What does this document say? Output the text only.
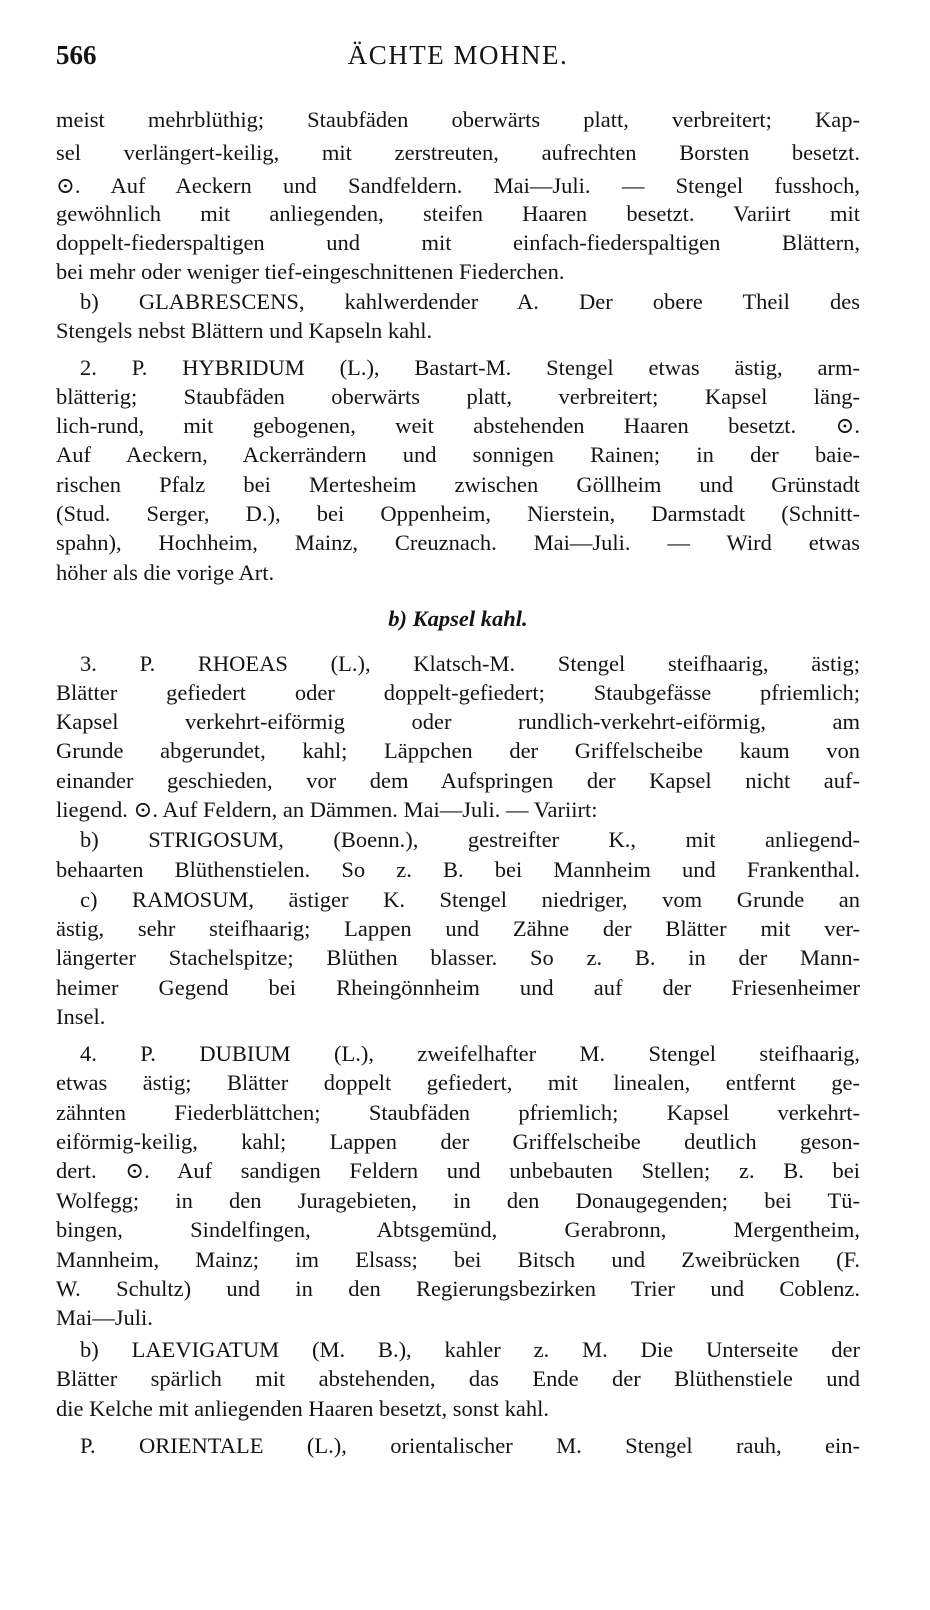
566	ÄCHTE MOHNE.
meist mehrblüthig; Staubfäden oberwärts platt, verbreitert; Kap-
sel verlängert-keilig, mit zerstreuten, aufrechten Borsten besetzt.
⊙. Auf Aeckern und Sandfeldern. Mai—Juli. — Stengel fusshoch,
gewöhnlich mit anliegenden, steifen Haaren besetzt. Variirt mit
doppelt-fiederspaltigen und mit einfach-fiederspaltigen Blättern,
bei mehr oder weniger tief-eingeschnittenen Fiederchen.
b) GLABRESCENS, kahlwerdender A. Der obere Theil des
Stengels nebst Blättern und Kapseln kahl.
2. P. HYBRIDUM (L.), Bastart-M. Stengel etwas ästig, arm-
blätterig; Staubfäden oberwärts platt, verbreitert; Kapsel läng-
lich-rund, mit gebogenen, weit abstehenden Haaren besetzt. ⊙.
Auf Aeckern, Ackerrändern und sonnigen Rainen; in der baie-
rischen Pfalz bei Mertesheim zwischen Göllheim und Grünstadt
(Stud. Serger, D.), bei Oppenheim, Nierstein, Darmstadt (Schnitt-
spahn), Hochheim, Mainz, Creuznach. Mai—Juli. — Wird etwas
höher als die vorige Art.
b) Kapsel kahl.
3. P. RHOEAS (L.), Klatsch-M. Stengel steifhaarig, ästig;
Blätter gefiedert oder doppelt-gefiedert; Staubgefässe pfriemlich;
Kapsel verkehrt-eiförmig oder rundlich-verkehrt-eiförmig, am
Grunde abgerundet, kahl; Läppchen der Griffelscheibe kaum von
einander geschieden, vor dem Aufspringen der Kapsel nicht auf-
liegend. ⊙. Auf Feldern, an Dämmen. Mai—Juli. — Variirt:
b) STRIGOSUM, (Boenn.), gestreifter K., mit anliegend-
behaarten Blüthenstielen. So z. B. bei Mannheim und Frankenthal.
c) RAMOSUM, ästiger K. Stengel niedriger, vom Grunde an
ästig, sehr steifhaarig; Lappen und Zähne der Blätter mit ver-
längerter Stachelspitze; Blüthen blasser. So z. B. in der Mann-
heimer Gegend bei Rheingönnheim und auf der Friesenheimer
Insel.
4. P. DUBIUM (L.), zweifelhafter M. Stengel steifhaarig,
etwas ästig; Blätter doppelt gefiedert, mit linealen, entfernt ge-
zähnten Fiederblättchen; Staubfäden pfriemlich; Kapsel verkehrt-
eiförmig-keilig, kahl; Lappen der Griffelscheibe deutlich geson-
dert. ⊙. Auf sandigen Feldern und unbebauten Stellen; z. B. bei
Wolfegg; in den Juragebieten, in den Donaugegenden; bei Tü-
bingen, Sindelfingen, Abtsgemünd, Gerabronn, Mergentheim,
Mannheim, Mainz; im Elsass; bei Bitsch und Zweibrücken (F.
W. Schultz) und in den Regierungsbezirken Trier und Coblenz.
Mai—Juli.
b) LAEVIGATUM (M. B.), kahler z. M. Die Unterseite der
Blätter spärlich mit abstehenden, das Ende der Blüthenstiele und
die Kelche mit anliegenden Haaren besetzt, sonst kahl.
P. ORIENTALE (L.), orientalischer M. Stengel rauh, ein-
